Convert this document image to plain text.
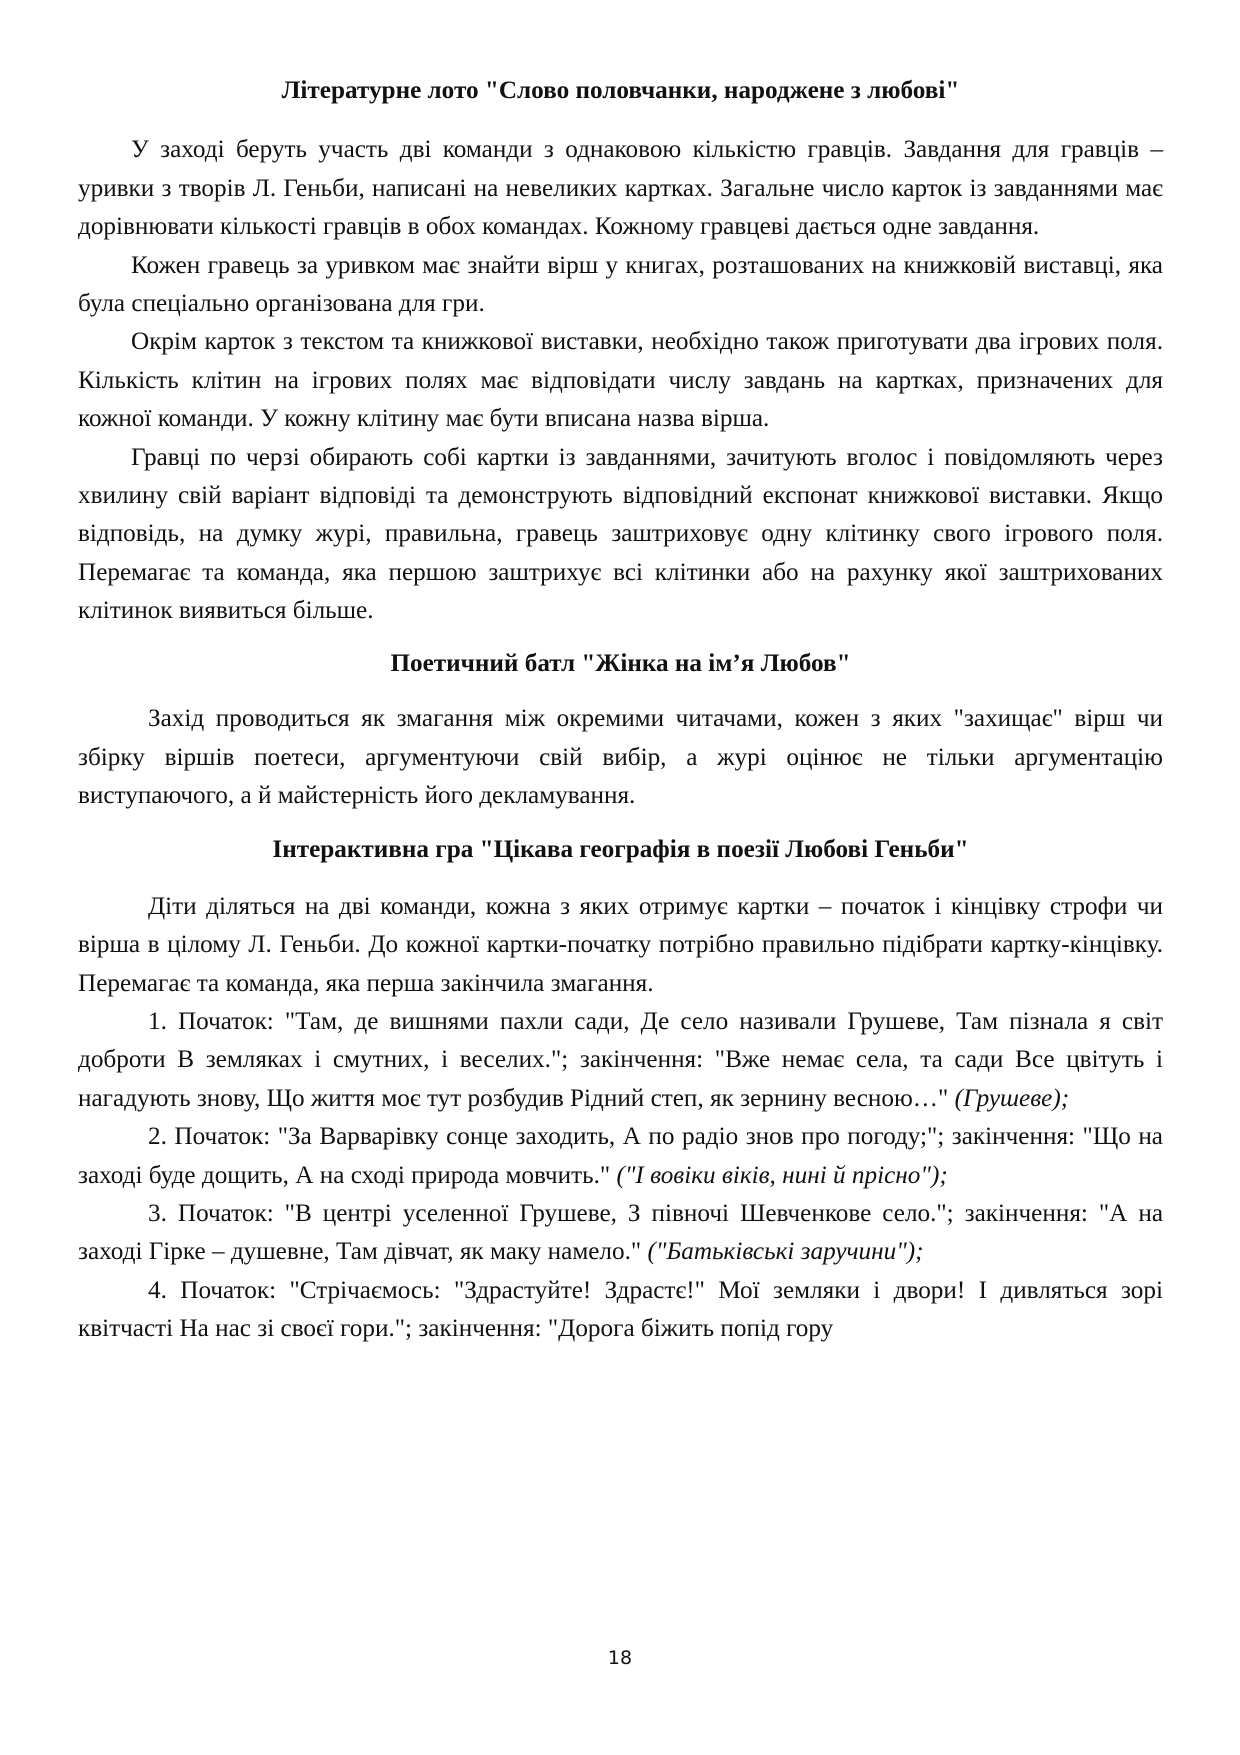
Літературне лото "Слово половчанки, народжене з любові"

У заході беруть участь дві команди з однаковою кількістю гравців. Завдання для гравців – уривки з творів Л. Геньби, написані на невеликих картках. Загальне число карток із завданнями має дорівнювати кількості гравців в обох командах. Кожному гравцеві дається одне завдання.

Кожен гравець за уривком має знайти вірш у книгах, розташованих на книжковій виставці, яка була спеціально організована для гри.

Окрім карток з текстом та книжкової виставки, необхідно також приготувати два ігрових поля. Кількість клітин на ігрових полях має відповідати числу завдань на картках, призначених для кожної команди. У кожну клітину має бути вписана назва вірша.

Гравці по черзі обирають собі картки із завданнями, зачитують вголос і повідомляють через хвилину свій варіант відповіді та демонструють відповідний експонат книжкової виставки. Якщо відповідь, на думку журі, правильна, гравець заштриховує одну клітинку свого ігрового поля. Перемагає та команда, яка першою заштрихує всі клітинки або на рахунку якої заштрихованих клітинок виявиться більше.

Поетичний батл "Жінка на ім’я Любов"

Захід проводиться як змагання між окремими читачами, кожен з яких "захищає" вірш чи збірку віршів поетеси, аргументуючи свій вибір, а журі оцінює не тільки аргументацію виступаючого, а й майстерність його декламування.

Інтерактивна гра "Цікава географія в поезії Любові Геньби"

Діти діляться на дві команди, кожна з яких отримує картки – початок і кінцівку строфи чи вірша в цілому Л. Геньби. До кожної картки-початку потрібно правильно підібрати картку-кінцівку. Перемагає та команда, яка перша закінчила змагання.

1. Початок: "Там, де вишнями пахли сади, Де село називали Грушеве, Там пізнала я світ доброти В земляках і смутних, і веселих."; закінчення: "Вже немає села, та сади Все цвітуть і нагадують знову, Що життя моє тут розбудив Рідний степ, як зернину весною…" (Грушеве);

2. Початок: "За Варварівку сонце заходить, А по радіо знов про погоду;"; закінчення: "Що на заході буде дощить, А на сході природа мовчить." ("І вовіки віків, нині й прісно");

3. Початок: "В центрі уселенної Грушеве, З півночі Шевченкове село."; закінчення: "А на заході Гірке – душевне, Там дівчат, як маку намело." ("Батьківські заручини");

4. Початок: "Стрічаємось: "Здрастуйте! Здрастє!" Мої земляки і двори! І дивляться зорі квітчасті На нас зі своєї гори."; закінчення: "Дорога біжить попід гору

18
